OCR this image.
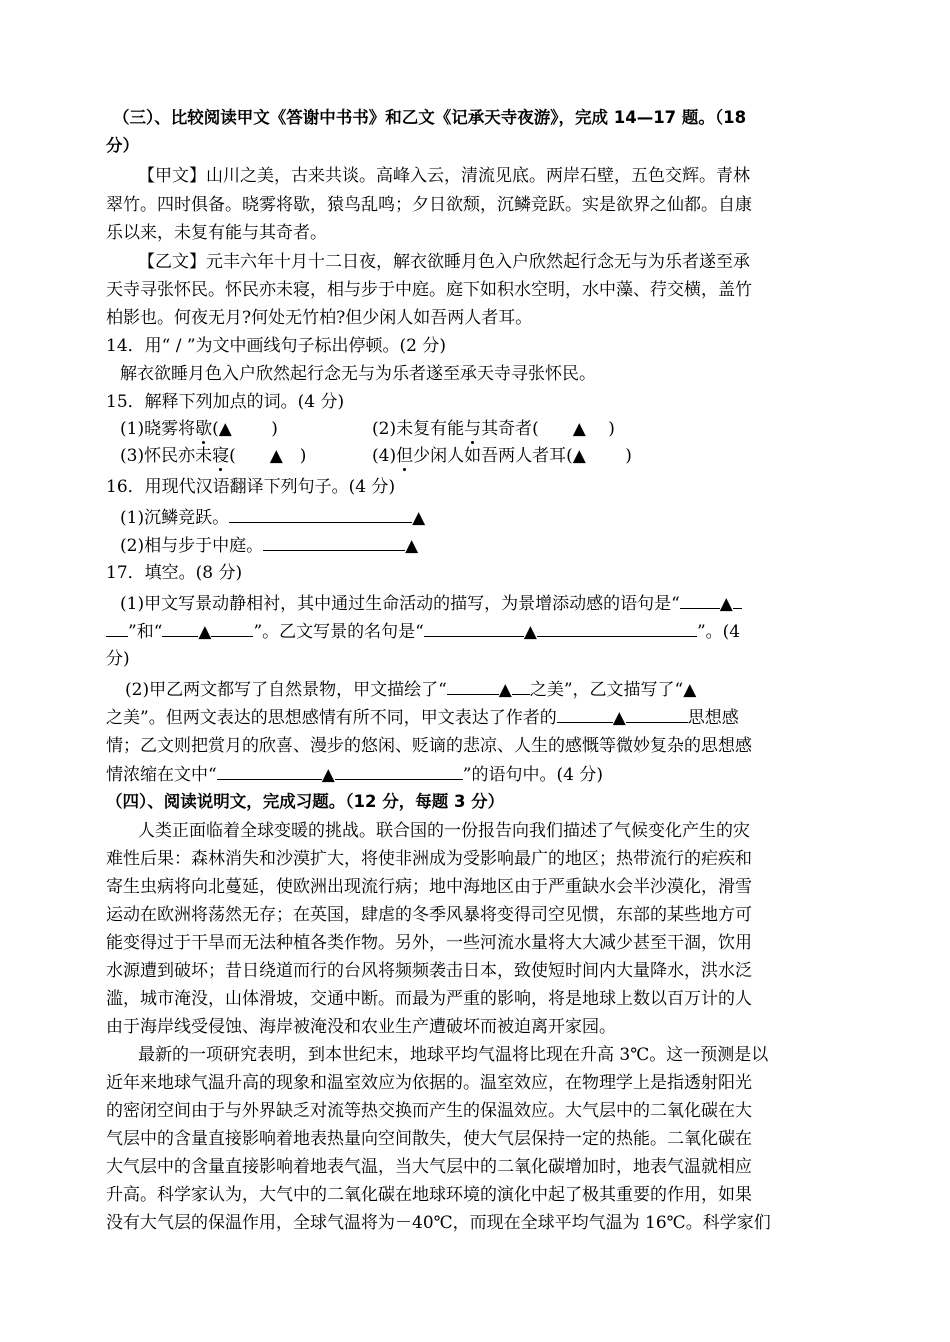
（三）、比较阅读甲文《答谢中书书》和乙文《记承天寺夜游》，完成 14—17 题。（18
分）
【甲文】山川之美，古来共谈。高峰入云，清流见底。两岸石壁，五色交辉。青林
翠竹。四时俱备。晓雾将歇，猿鸟乱鸣；夕日欲颓，沉鳞竞跃。实是欲界之仙都。自康
乐以来，未复有能与其奇者。
【乙文】元丰六年十月十二日夜，解衣欲睡月色入户欣然起行念无与为乐者遂至承
天寺寻张怀民。怀民亦未寝，相与步于中庭。庭下如积水空明，水中藻、荇交横，盖竹
柏影也。何夜无月?何处无竹柏?但少闲人如吾两人者耳。
14．用“ / ”为文中画线句子标出停顿。(2 分)
解衣欲睡月色入户欣然起行念无与为乐者遂至承天寺寻张怀民。
15．解释下列加点的词。(4 分)
(1)晓雾将歇(▲　　 )	(2)未复有能与其奇者(　　▲　 )
(3)怀民亦未寝(　　▲　)	(4)但少闲人如吾两人者耳(▲　　 )
16．用现代汉语翻译下列句子。(4 分)
(1)沉鳞竞跃。	▲
(2)相与步于中庭。	▲
17．填空。(8 分)
(1)甲文写景动静相衬，其中通过生命活动的描写，为景增添动感的语句是“ ▲
”和“ ▲ ”。乙文写景的名句是“	▲	”。(4
分)
(2)甲乙两文都写了自然景物，甲文描绘了“	▲ 之美”，乙文描写了“▲
之美”。但两文表达的思想感情有所不同，甲文表达了作者的	▲	思想感
情；乙文则把赏月的欣喜、漫步的悠闲、贬谪的悲凉、人生的感慨等微妙复杂的思想感
情浓缩在文中“	▲	”的语句中。(4 分)
（四）、阅读说明文，完成习题。（12 分，每题 3 分）
人类正面临着全球变暖的挑战。联合国的一份报告向我们描述了气候变化产生的灾
难性后果：森林消失和沙漠扩大，将使非洲成为受影响最广的地区；热带流行的疟疾和
寄生虫病将向北蔓延，使欧洲出现流行病；地中海地区由于严重缺水会半沙漠化，滑雪
运动在欧洲将荡然无存；在英国，肆虐的冬季风暴将变得司空见惯，东部的某些地方可
能变得过于干旱而无法种植各类作物。另外，一些河流水量将大大减少甚至干涸，饮用
水源遭到破坏；昔日绕道而行的台风将频频袭击日本，致使短时间内大量降水，洪水泛
滥，城市淹没，山体滑坡，交通中断。而最为严重的影响，将是地球上数以百万计的人
由于海岸线受侵蚀、海岸被淹没和农业生产遭破坏而被迫离开家园。
最新的一项研究表明，到本世纪末，地球平均气温将比现在升高 3℃。这一预测是以
近年来地球气温升高的现象和温室效应为依据的。温室效应，在物理学上是指透射阳光
的密闭空间由于与外界缺乏对流等热交换而产生的保温效应。大气层中的二氧化碳在大
气层中的含量直接影响着地表热量向空间散失，使大气层保持一定的热能。二氧化碳在
大气层中的含量直接影响着地表气温，当大气层中的二氧化碳增加时，地表气温就相应
升高。科学家认为，大气中的二氧化碳在地球环境的演化中起了极其重要的作用，如果
没有大气层的保温作用，全球气温将为－40℃，而现在全球平均气温为 16℃。科学家们
